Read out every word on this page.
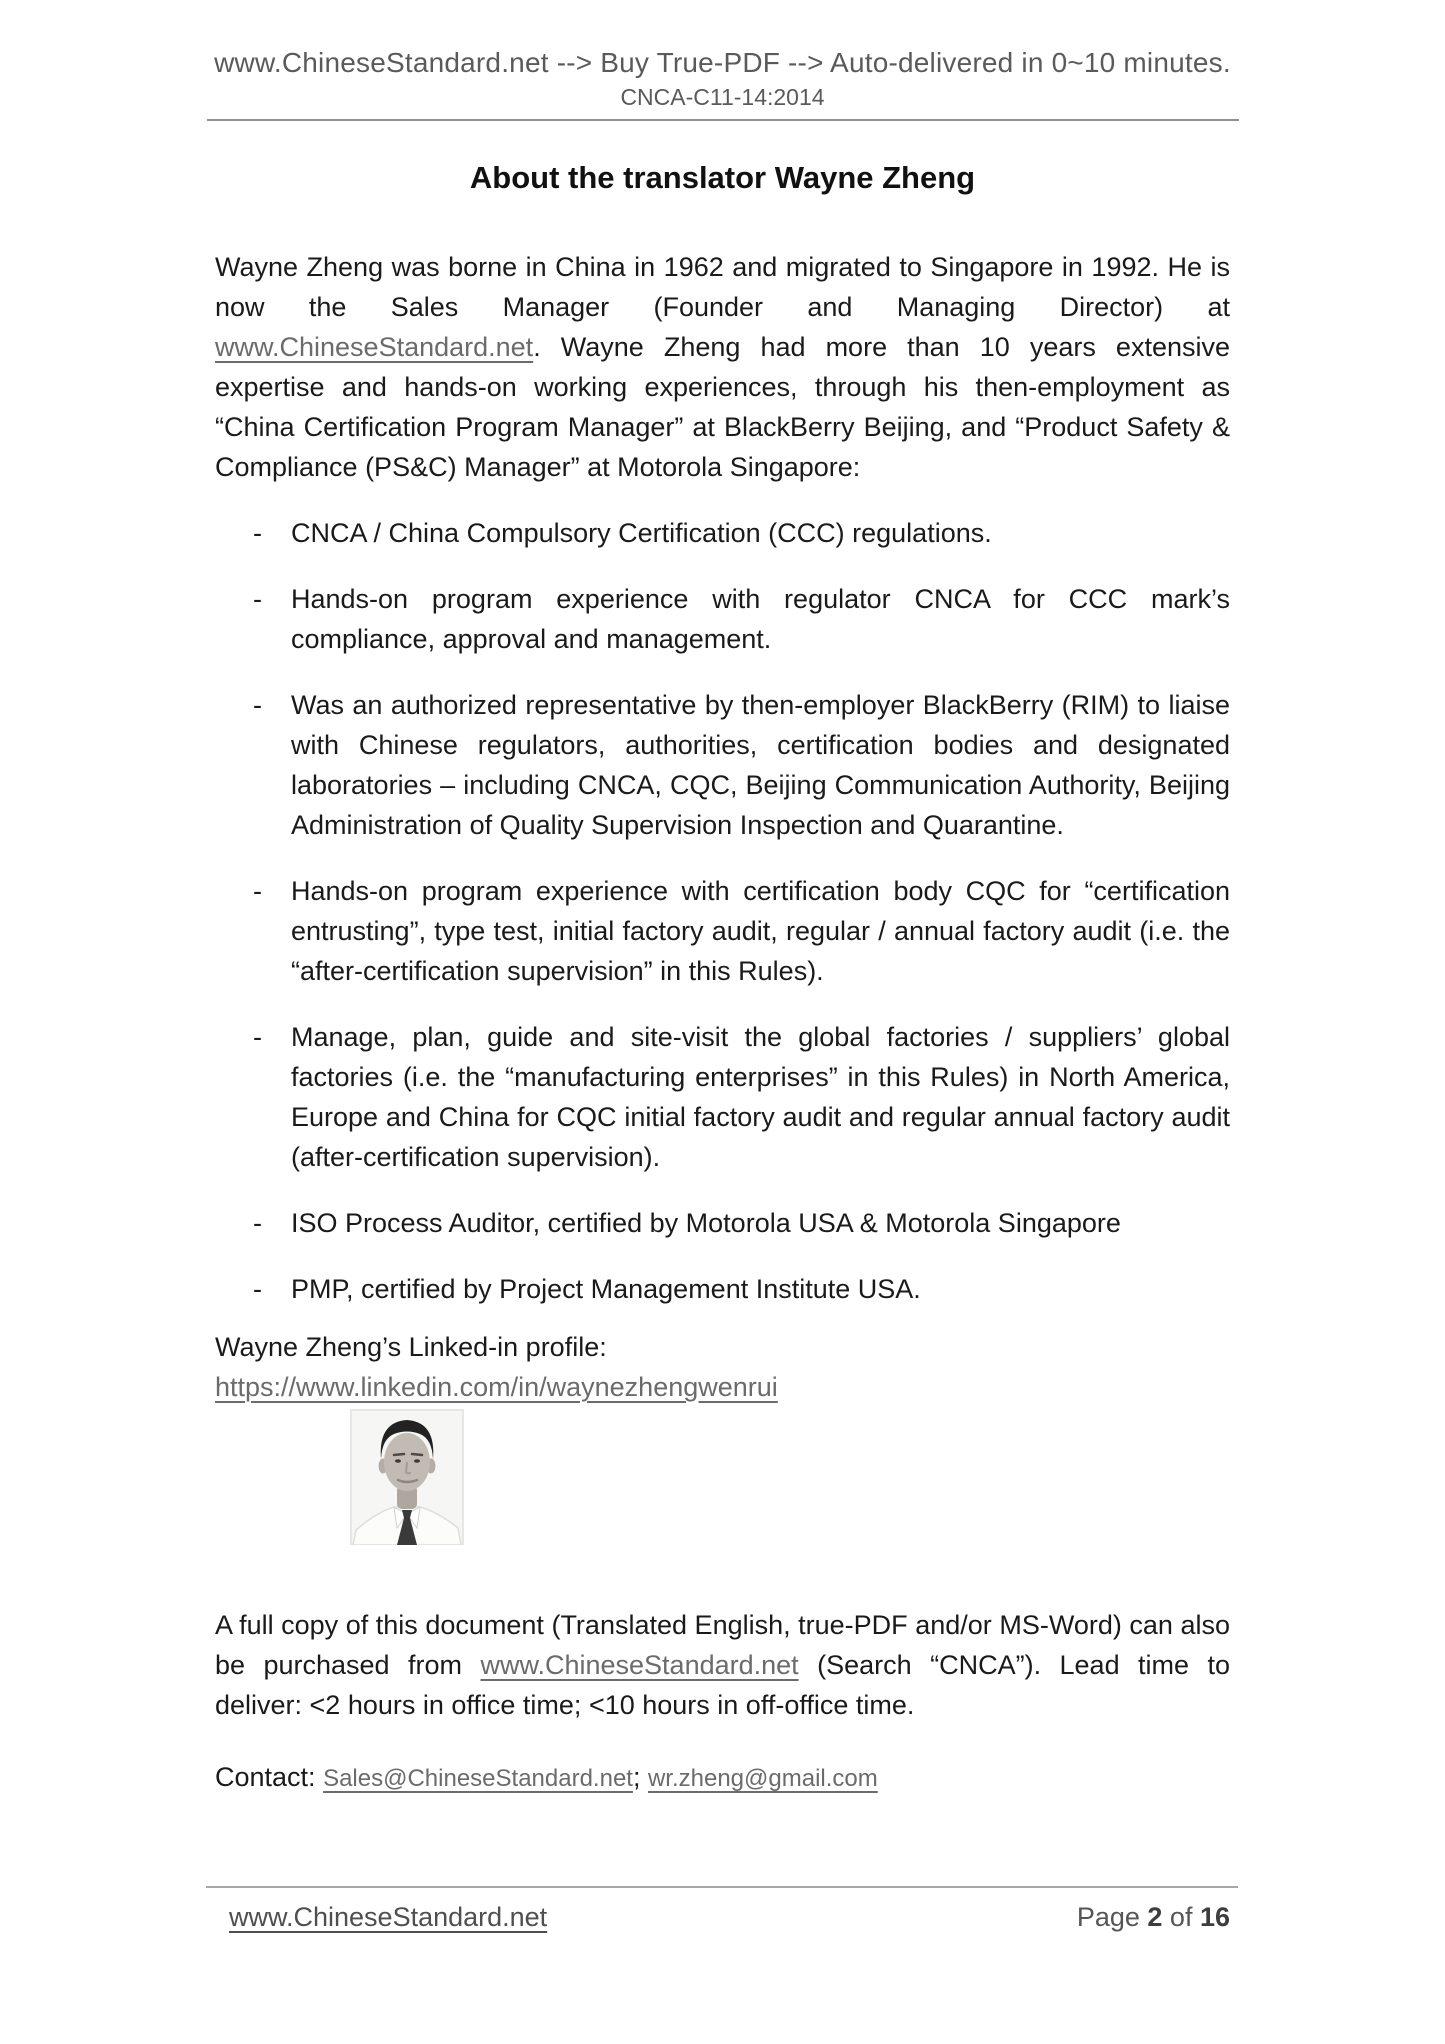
www.ChineseStandard.net --> Buy True-PDF --> Auto-delivered in 0~10 minutes.
CNCA-C11-14:2014
About the translator Wayne Zheng

Wayne Zheng was borne in China in 1962 and migrated to Singapore in 1992. He is now the Sales Manager (Founder and Managing Director) at www.ChineseStandard.net. Wayne Zheng had more than 10 years extensive expertise and hands-on working experiences, through his then-employment as “China Certification Program Manager” at BlackBerry Beijing, and “Product Safety & Compliance (PS&C) Manager” at Motorola Singapore:

- CNCA / China Compulsory Certification (CCC) regulations.
- Hands-on program experience with regulator CNCA for CCC mark’s compliance, approval and management.
- Was an authorized representative by then-employer BlackBerry (RIM) to liaise with Chinese regulators, authorities, certification bodies and designated laboratories – including CNCA, CQC, Beijing Communication Authority, Beijing Administration of Quality Supervision Inspection and Quarantine.
- Hands-on program experience with certification body CQC for “certification entrusting”, type test, initial factory audit, regular / annual factory audit (i.e. the “after-certification supervision” in this Rules).
- Manage, plan, guide and site-visit the global factories / suppliers’ global factories (i.e. the “manufacturing enterprises” in this Rules) in North America, Europe and China for CQC initial factory audit and regular annual factory audit (after-certification supervision).
- ISO Process Auditor, certified by Motorola USA & Motorola Singapore
- PMP, certified by Project Management Institute USA.

Wayne Zheng’s Linked-in profile:

https://www.linkedin.com/in/waynezhengwenrui

A full copy of this document (Translated English, true-PDF and/or MS-Word) can also be purchased from www.ChineseStandard.net (Search “CNCA”). Lead time to deliver: <2 hours in office time; <10 hours in off-office time.

Contact: Sales@ChineseStandard.net; wr.zheng@gmail.com

www.ChineseStandard.net	Page 2 of 16
